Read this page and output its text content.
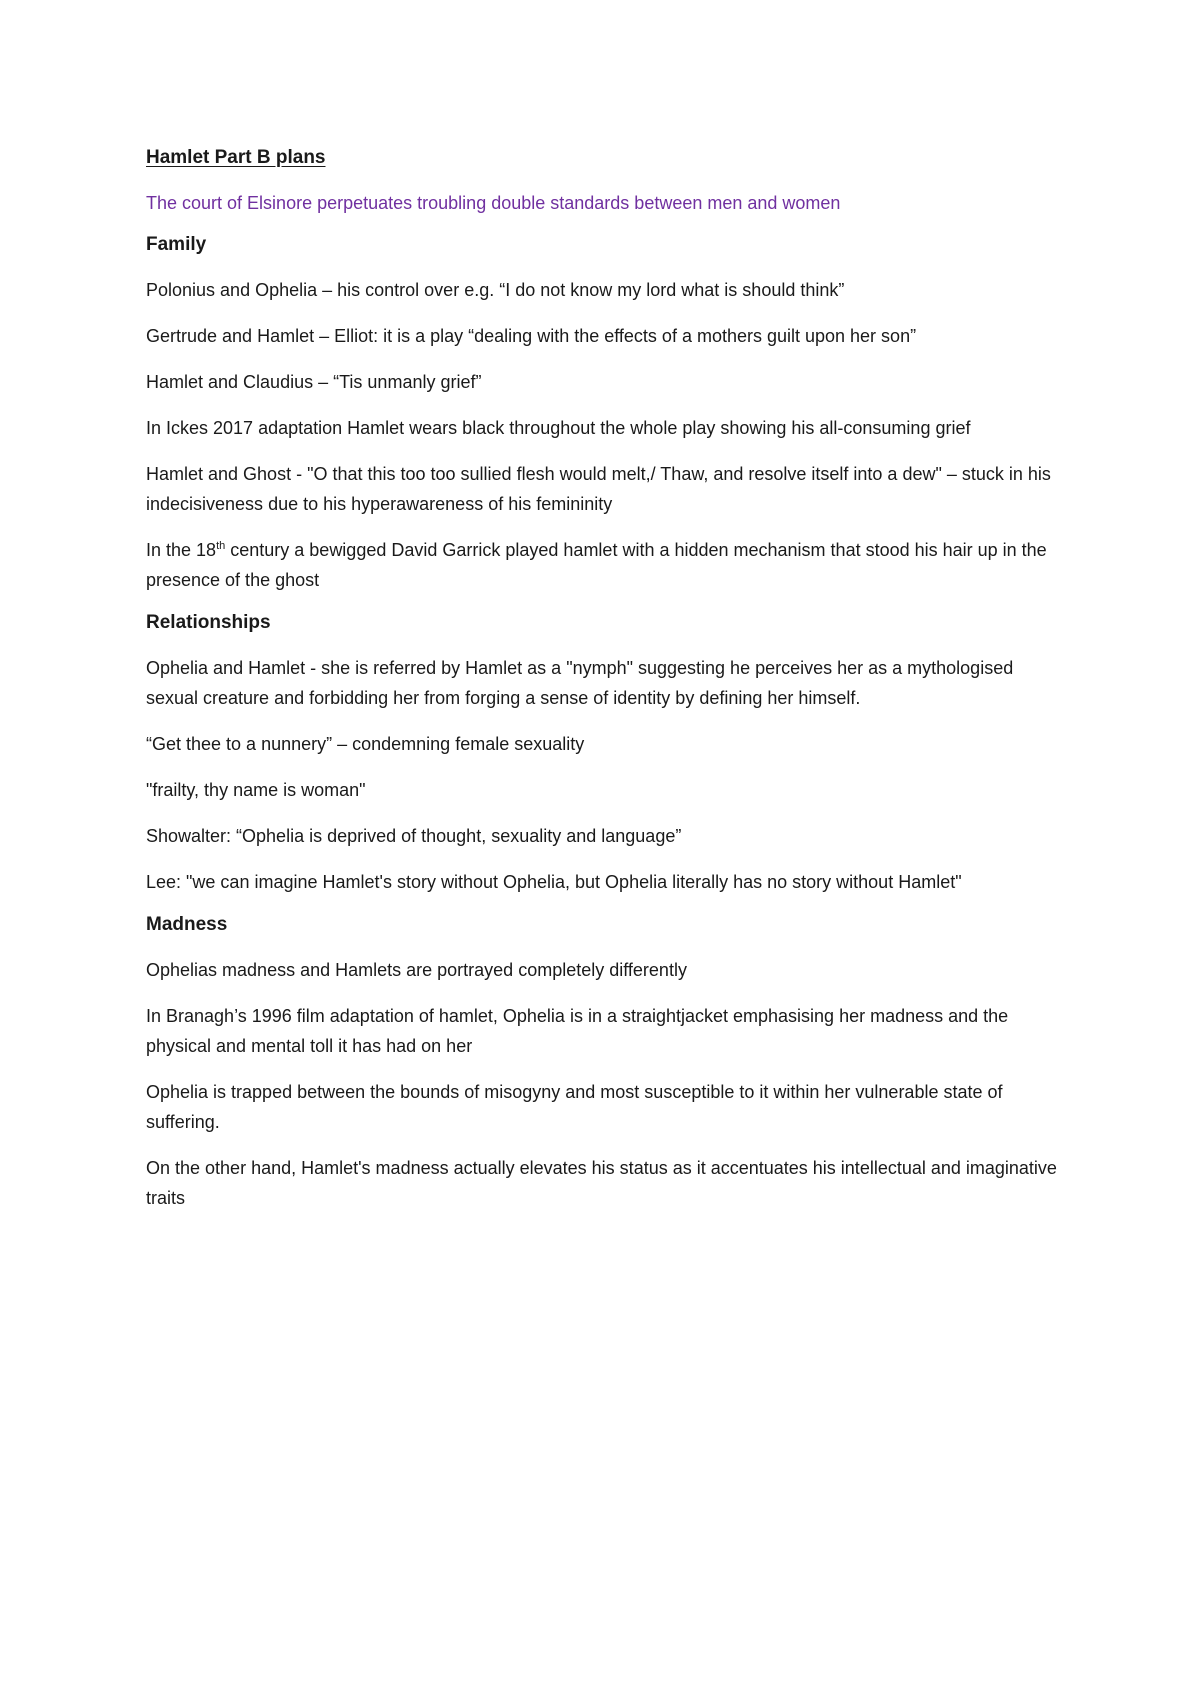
Hamlet Part B plans
The court of Elsinore perpetuates troubling double standards between men and women
Family

Polonius and Ophelia – his control over e.g. “I do not know my lord what is should think”

Gertrude and Hamlet – Elliot: it is a play “dealing with the effects of a mothers guilt upon her son”

Hamlet and Claudius – “Tis unmanly grief”

In Ickes 2017 adaptation Hamlet wears black throughout the whole play showing his all-consuming grief

Hamlet and Ghost - "O that this too too sullied flesh would melt,/ Thaw, and resolve itself into a dew" – stuck in his indecisiveness due to his hyperawareness of his femininity

In the 18th century a bewigged David Garrick played hamlet with a hidden mechanism that stood his hair up in the presence of the ghost

Relationships

Ophelia and Hamlet - she is referred by Hamlet as a "nymph" suggesting he perceives her as a mythologised sexual creature and forbidding her from forging a sense of identity by defining her himself.

“Get thee to a nunnery” – condemning female sexuality

"frailty, thy name is woman"

Showalter: “Ophelia is deprived of thought, sexuality and language”

Lee: "we can imagine Hamlet's story without Ophelia, but Ophelia literally has no story without Hamlet"

Madness

Ophelias madness and Hamlets are portrayed completely differently

In Branagh’s 1996 film adaptation of hamlet, Ophelia is in a straightjacket emphasising her madness and the physical and mental toll it has had on her

Ophelia is trapped between the bounds of misogyny and most susceptible to it within her vulnerable state of suffering.

On the other hand, Hamlet's madness actually elevates his status as it accentuates his intellectual and imaginative traits
